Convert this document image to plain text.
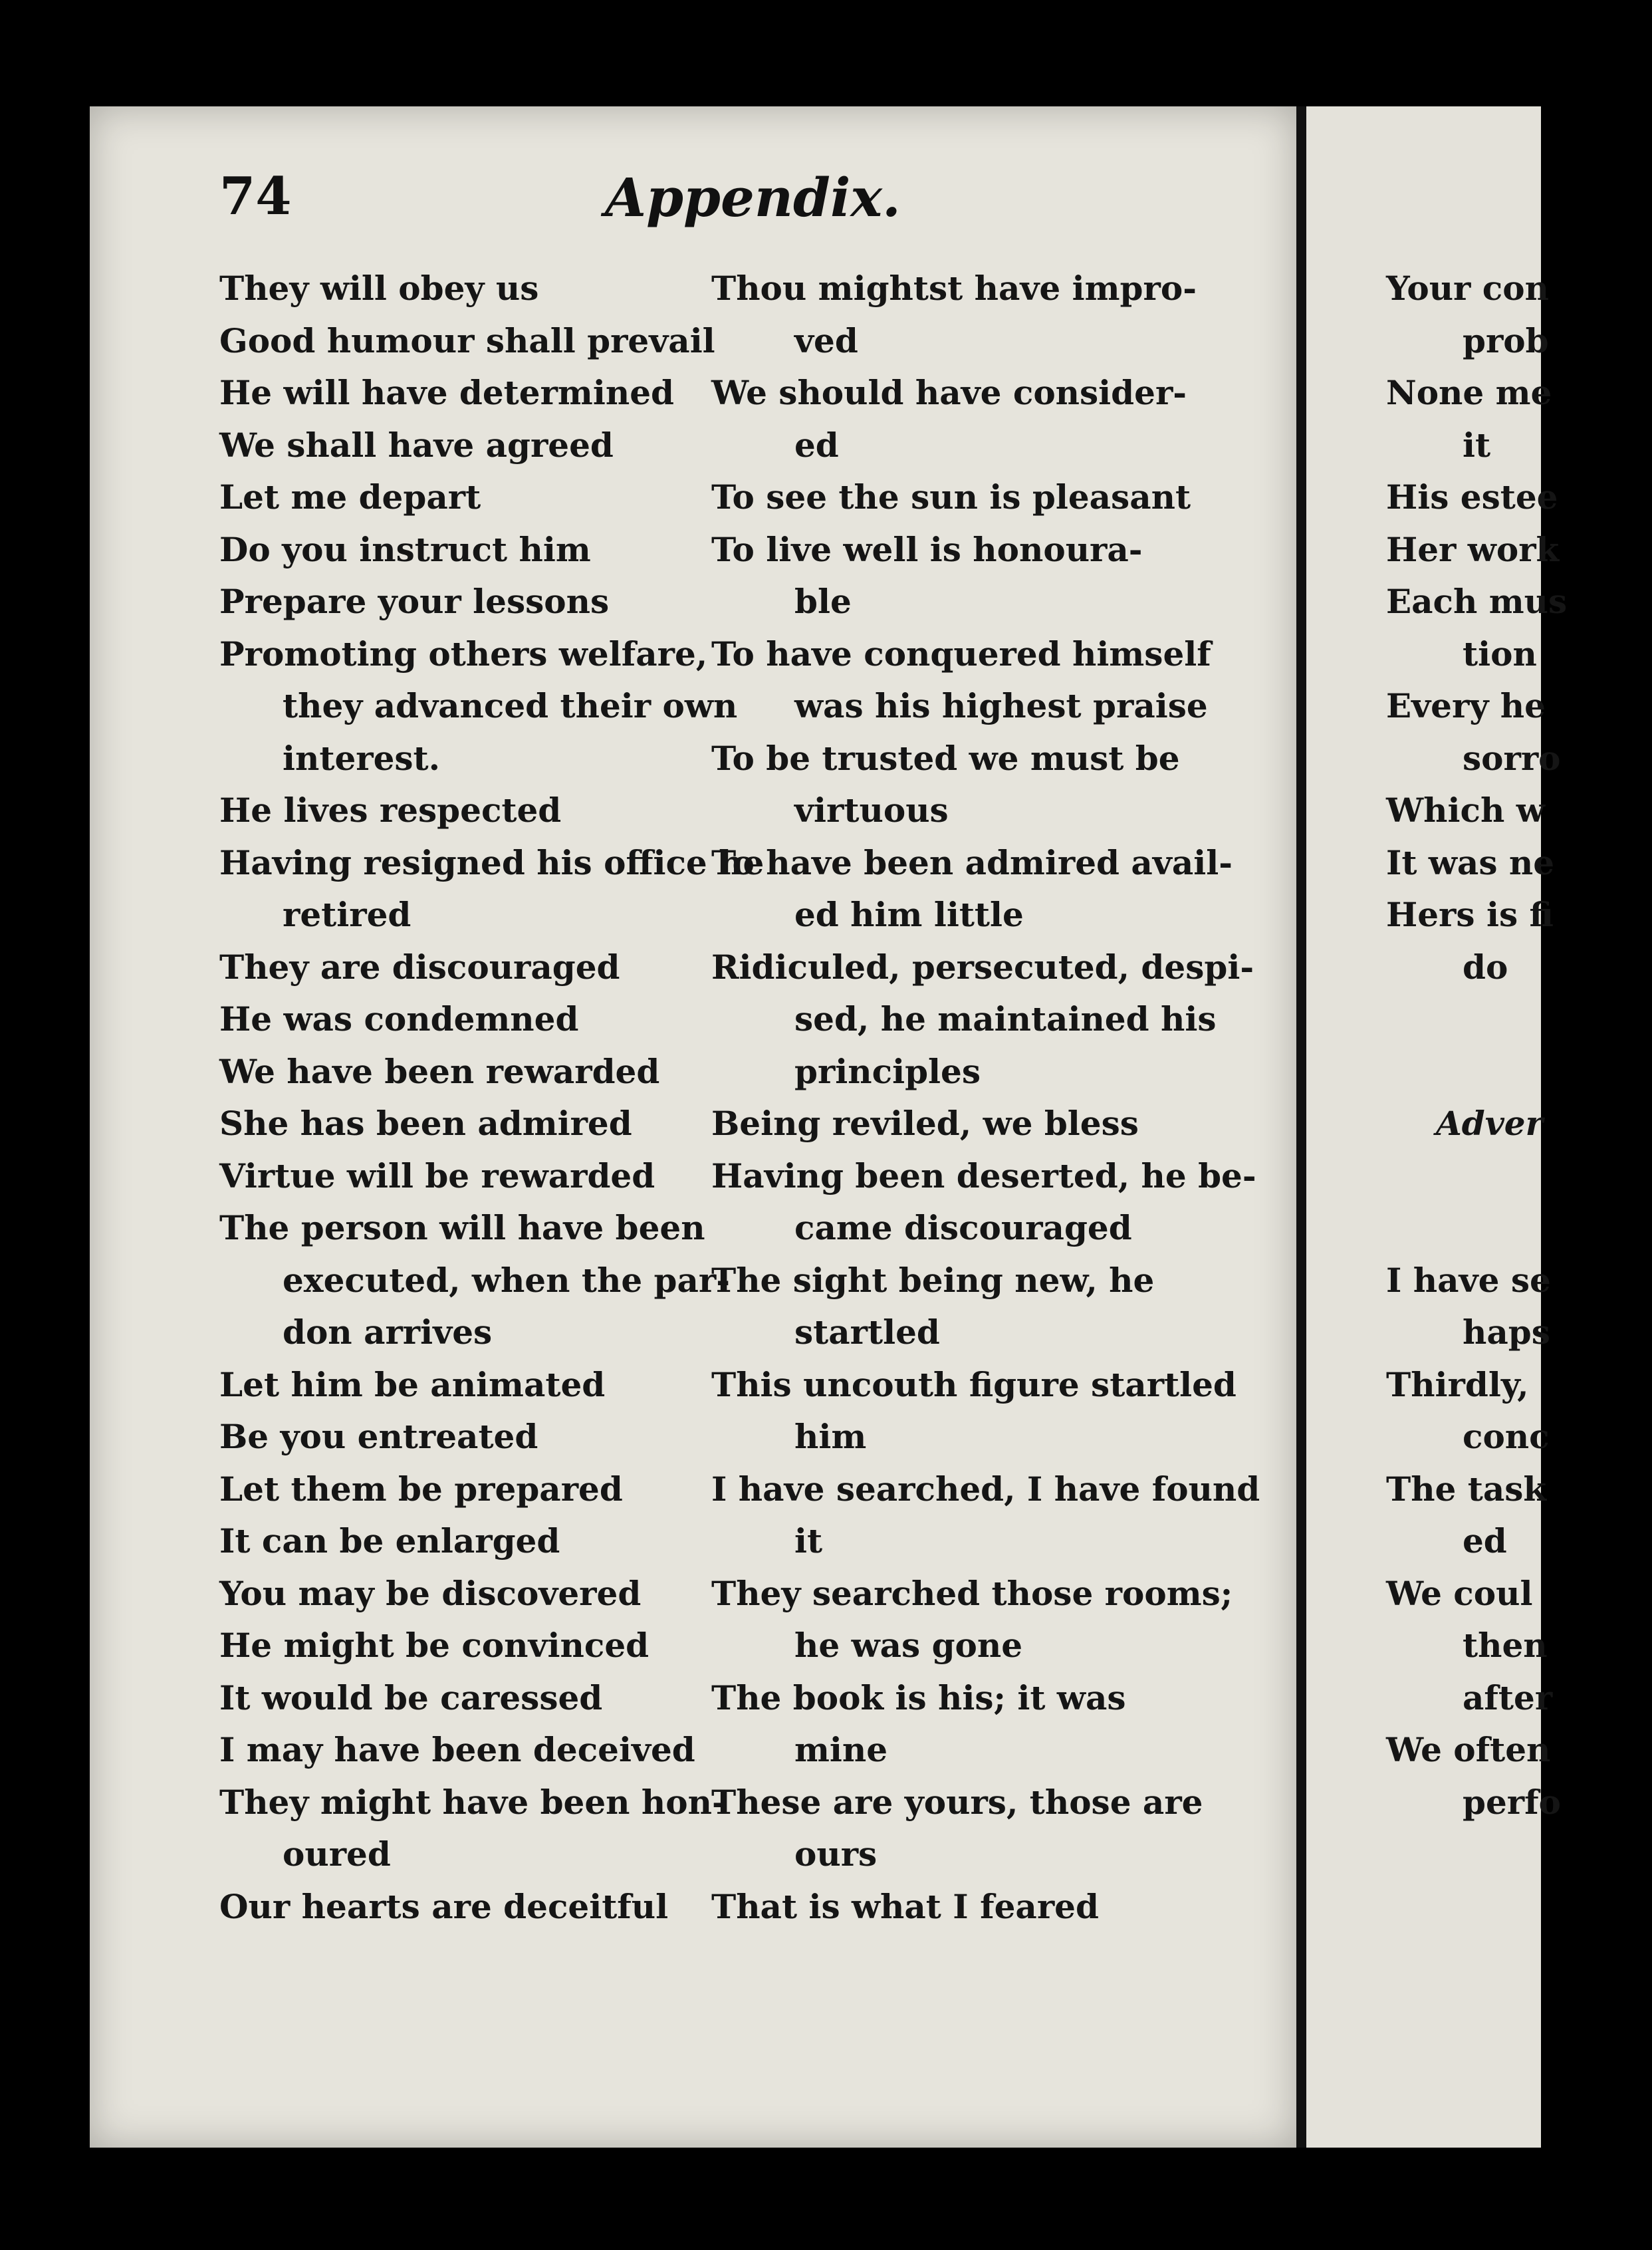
74	Appendix.
They will obey us
Good humour shall prevail
He will have determined
We shall have agreed
Let me depart
Do you instruct him
Prepare your lessons
Promoting others welfare,
they advanced their own
interest.
He lives respected
Having resigned his office he
retired
They are discouraged
He was condemned
We have been rewarded
She has been admired
Virtue will be rewarded
The person will have been
executed, when the par-
don arrives
Let him be animated
Be you entreated
Let them be prepared
It can be enlarged
You may be discovered
He might be convinced
It would be caressed
I may have been deceived
They might have been hon-
oured
Our hearts are deceitful
Thou mightst have impro-
ved
We should have consider-
ed
To see the sun is pleasant
To live well is honoura-
ble
To have conquered himself
was his highest praise
To be trusted we must be
virtuous
To have been admired avail-
ed him little
Ridiculed, persecuted, despi-
sed, he maintained his
principles
Being reviled, we bless
Having been deserted, he be-
came discouraged
The sight being new, he
startled
This uncouth figure startled
him
I have searched, I have found
it
They searched those rooms;
he was gone
The book is his; it was
mine
These are yours, those are
ours
That is what I feared
Your con
prob
None me
it
His estee
Her work
Each mus
tion
Every he
sorro
Which w
It was ne
Hers is fi
do
Adver
I have se
haps
Thirdly,
conc
The task
ed
We coul
then
after
We often
perfo
